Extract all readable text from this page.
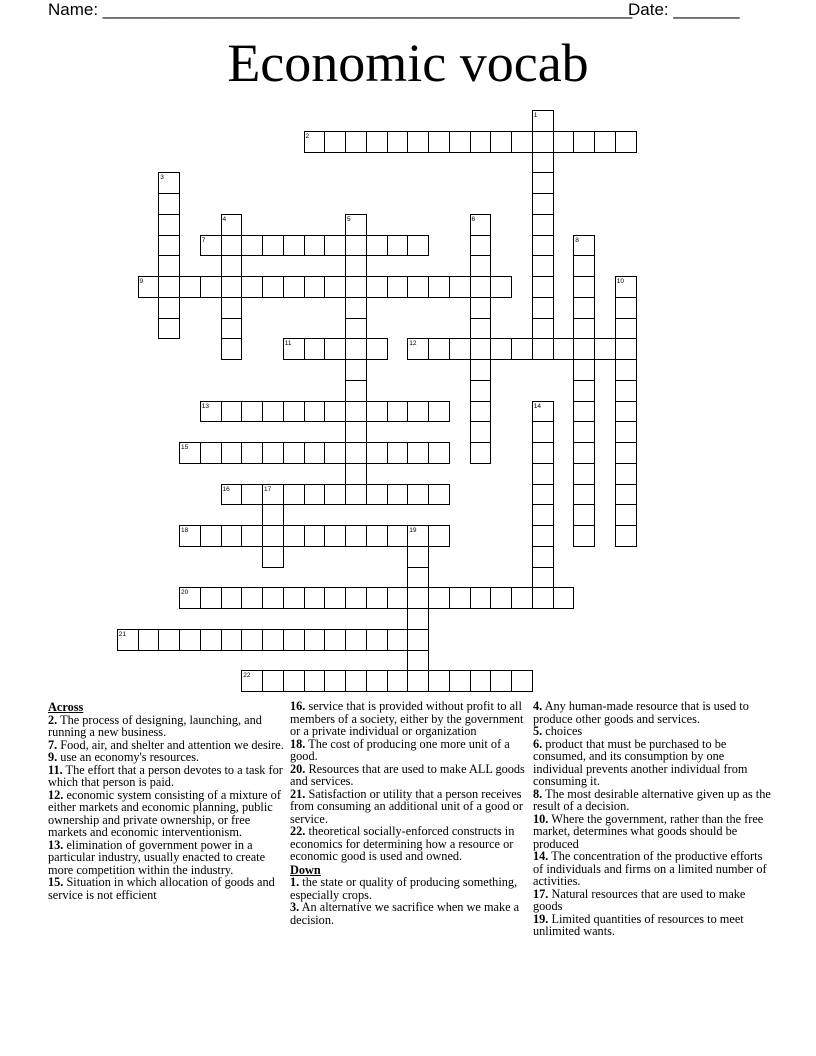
Name: ________________________________________________________
Date: _______
Economic vocab
1
2
3
4	5	6
7	8
9	10
11	12
13	14
15
16	17
18	19
20
21
22
Across
2. The process of designing, launching, and running a new business.
7. Food, air, and shelter and attention we desire.
9. use an economy's resources.
11. The effort that a person devotes to a task for which that person is paid.
12. economic system consisting of a mixture of either markets and economic planning, public ownership and private ownership, or free markets and economic interventionism.
13. elimination of government power in a particular industry, usually enacted to create more competition within the industry.
15. Situation in which allocation of goods and service is not efficient
16. service that is provided without profit to all members of a society, either by the government or a private individual or organization
18. The cost of producing one more unit of a good.
20. Resources that are used to make ALL goods and services.
21. Satisfaction or utility that a person receives from consuming an additional unit of a good or service.
22. theoretical socially-enforced constructs in economics for determining how a resource or economic good is used and owned.
Down
1. the state or quality of producing something, especially crops.
3. An alternative we sacrifice when we make a decision.
4. Any human-made resource that is used to produce other goods and services.
5. choices
6. product that must be purchased to be consumed, and its consumption by one individual prevents another individual from consuming it.
8. The most desirable alternative given up as the result of a decision.
10. Where the government, rather than the free market, determines what goods should be produced
14. The concentration of the productive efforts of individuals and firms on a limited number of activities.
17. Natural resources that are used to make goods
19. Limited quantities of resources to meet unlimited wants.
